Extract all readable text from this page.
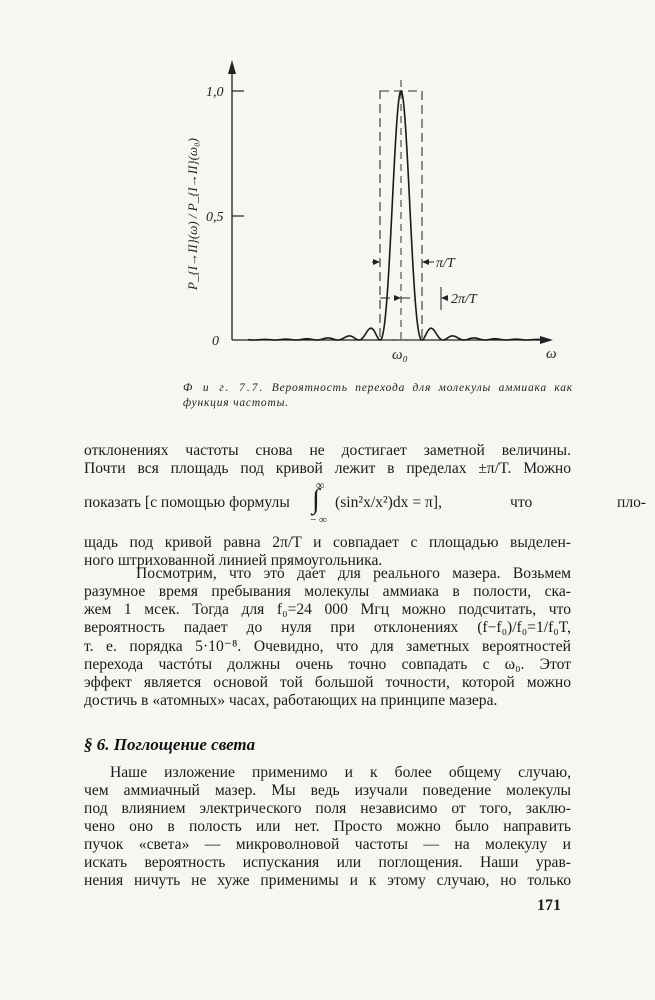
1,0
0,5
0
P_{I→II}(ω) / P_{I→II}(ω₀)	π/T
2π/T
ω₀	ω
Ф и г. 7.7. Вероятность перехода для молекулы аммиака как функция частоты.
отклонениях частоты снова не достигает заметной величины.
Почти вся площадь под кривой лежит в пределах ±π/T. Можно
показать [с помощью формулы
∞
∫
− ∞
(sin²x/x²)dx = π],	что	пло-
щадь под кривой равна 2π/T и совпадает с площадью выделен-
ного штрихованной линией прямоугольника.
Посмотрим, что это дает для реального мазера. Возьмем
разумное время пребывания молекулы аммиака в полости, ска-
жем 1 мсек. Тогда для f₀=24 000 Мгц можно подсчитать, что
вероятность падает до нуля при отклонениях (f−f₀)/f₀=1/f₀T,
т. е. порядка 5·10⁻⁸. Очевидно, что для заметных вероятностей
перехода частóты должны очень точно совпадать с ω₀. Этот
эффект является основой той большой точности, которой можно
достичь в «атомных» часах, работающих на принципе мазера.
§ 6. Поглощение света
Наше изложение применимо и к более общему случаю,
чем аммиачный мазер. Мы ведь изучали поведение молекулы
под влиянием электрического поля независимо от того, заклю-
чено оно в полость или нет. Просто можно было направить
пучок «света» — микроволновой частоты — на молекулу и
искать вероятность испускания или поглощения. Наши урав-
нения ничуть не хуже применимы и к этому случаю, но только
171
